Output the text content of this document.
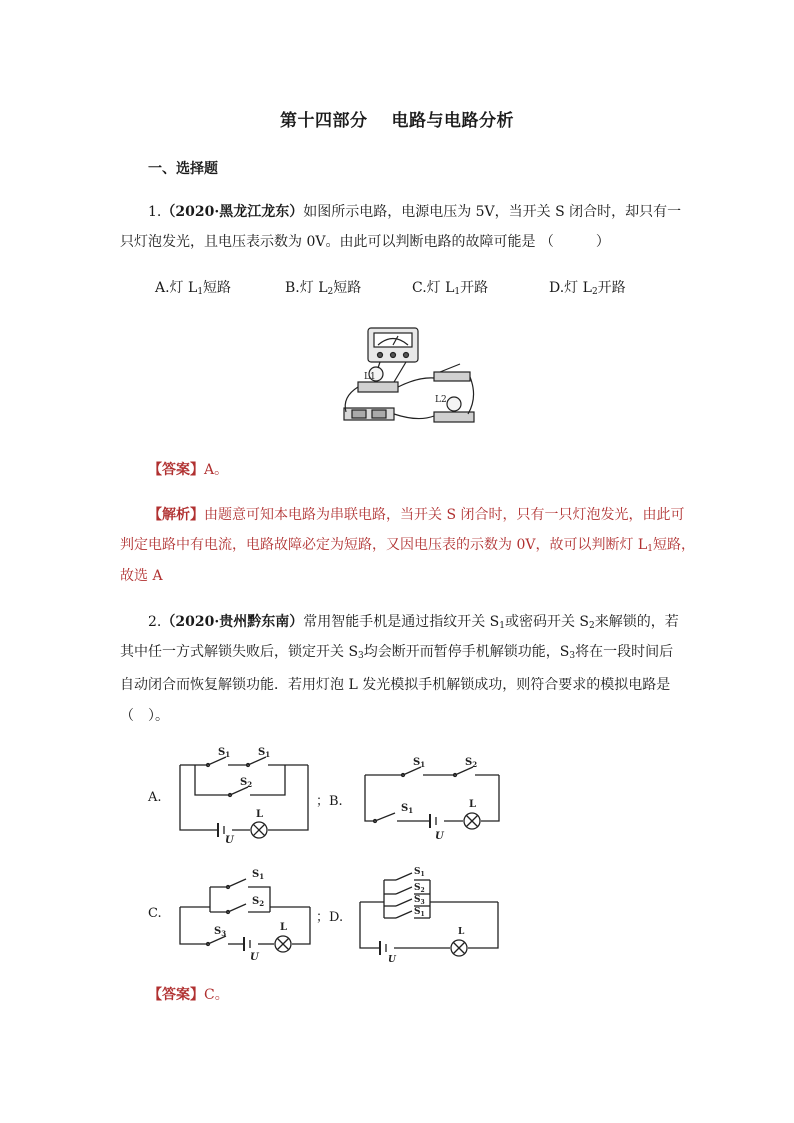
第十四部分　 电路与电路分析
一、选择题
1.（2020·黑龙江龙东）如图所示电路，电源电压为 5V，当开关 S 闭合时，却只有一
只灯泡发光，且电压表示数为 0V。由此可以判断电路的故障可能是 （　　　）
A.灯 $L_1$短路	B.灯 $L_2$短路	C.灯 $L_1$开路	D.灯 $L_2$开路
L1
L2
【答案】A。
【解析】由题意可知本电路为串联电路，当开关 S 闭合时，只有一只灯泡发光，由此可
判定电路中有电流，电路故障必定为短路，又因电压表的示数为 0V，故可以判断灯 $L_1$短路，
故选 A
2.（2020·贵州黔东南）常用智能手机是通过指纹开关 $S_1$或密码开关 $S_2$来解锁的，若
其中任一方式解锁失败后，锁定开关 $S_3$均会断开而暂停手机解锁功能，$S_3$将在一段时间后
自动闭合而恢复解锁功能．若用灯泡 L 发光模拟手机解锁成功，则符合要求的模拟电路是
（　）。
A.	；B.
C.	；D.
$S_1$	$S_1$
$S_2$
L
U
$S_1$	$S_2$
$S_1$
L
U
$S_1$
$S_2$
$S_3$
L
U
$S_1$
$S_2$
$S_3$
$S_1$
L
U
【答案】C。
